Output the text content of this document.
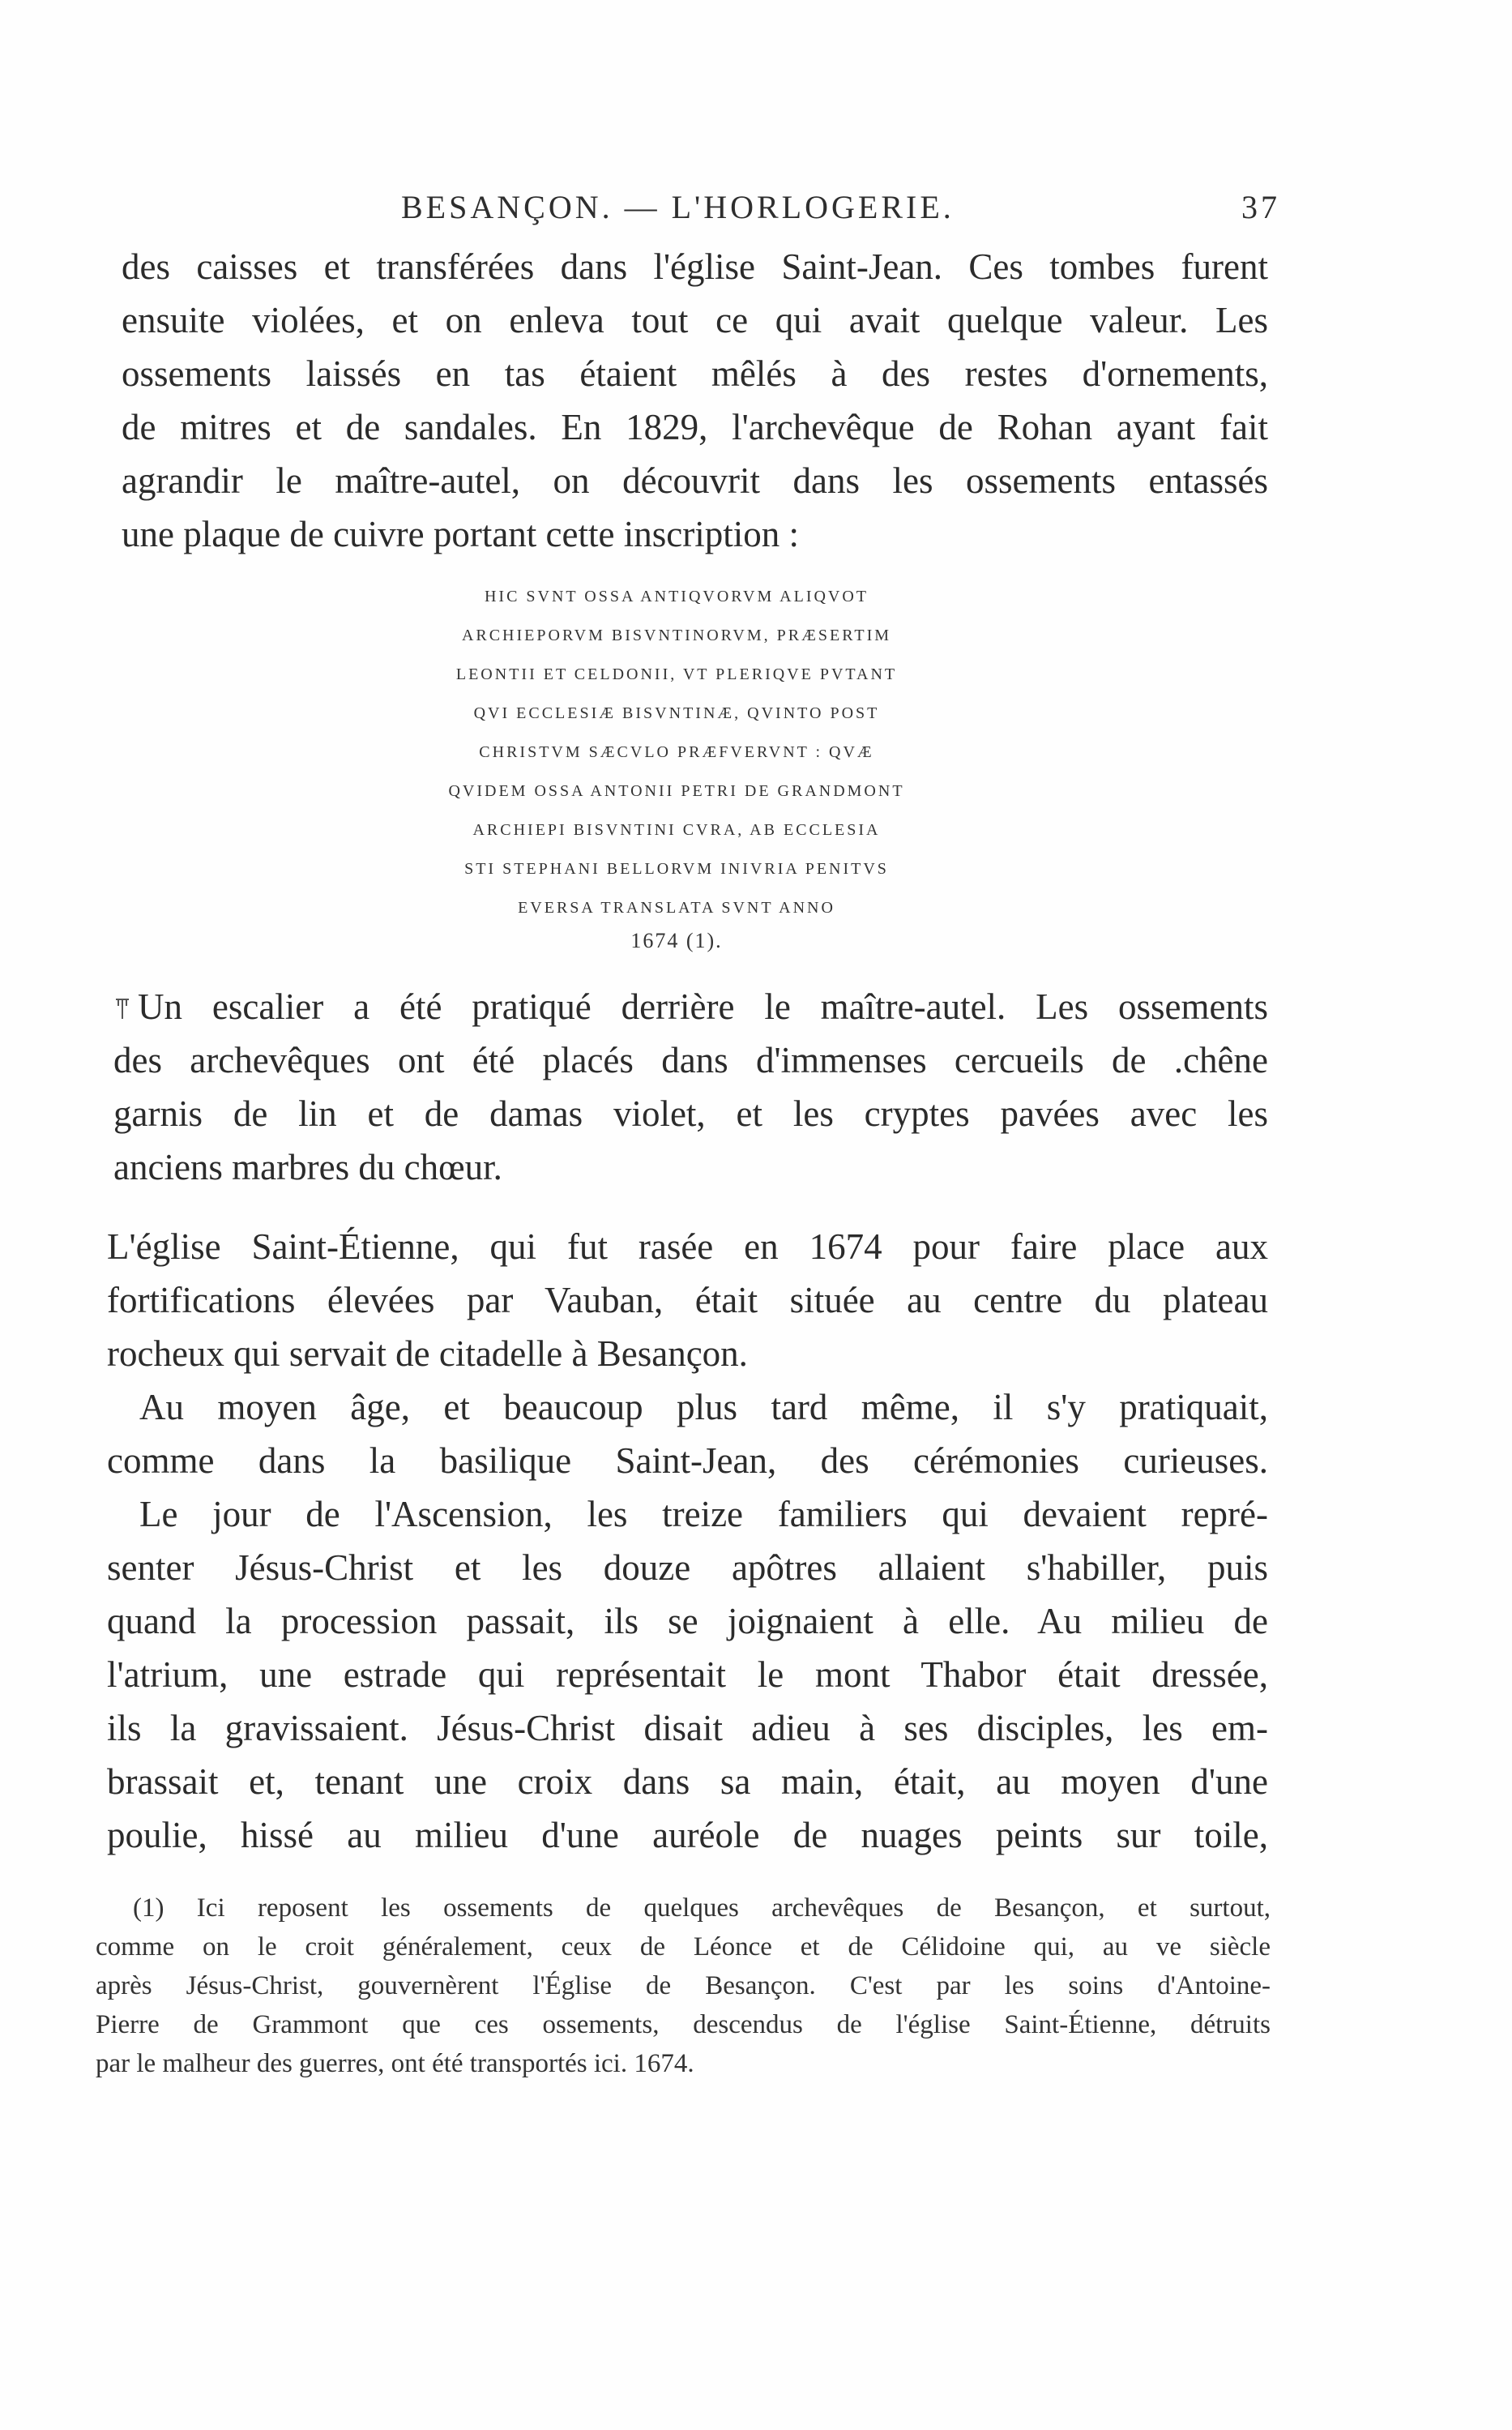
BESANÇON. — L'HORLOGERIE.	37
des caisses et transférées dans l'église Saint-Jean. Ces tombes furent
ensuite violées, et on enleva tout ce qui avait quelque valeur. Les
ossements laissés en tas étaient mêlés à des restes d'ornements,
de mitres et de sandales. En 1829, l'archevêque de Rohan ayant fait
agrandir le maître-autel, on découvrit dans les ossements entassés
une plaque de cuivre portant cette inscription :
HIC SVNT OSSA ANTIQVORVM ALIQVOT
ARCHIEPORVM BISVNTINORVM, PRÆSERTIM
LEONTII ET CELDONII, VT PLERIQVE PVTANT
QVI ECCLESIÆ BISVNTINÆ, QVINTO POST
CHRISTVM SÆCVLO PRÆFVERVNT : QVÆ
QVIDEM OSSA ANTONII PETRI DE GRANDMONT
ARCHIEPI BISVNTINI CVRA, AB ECCLESIA
STI STEPHANI BELLORVM INIVRIA PENITVS
EVERSA TRANSLATA SVNT ANNO
1674 (1).
Un escalier a été pratiqué derrière le maître-autel. Les ossements
des archevêques ont été placés dans d'immenses cercueils de .chêne
garnis de lin et de damas violet, et les cryptes pavées avec les
anciens marbres du chœur.
L'église Saint-Étienne, qui fut rasée en 1674 pour faire place aux
fortifications élevées par Vauban, était située au centre du plateau
rocheux qui servait de citadelle à Besançon.
Au moyen âge, et beaucoup plus tard même, il s'y pratiquait,
comme dans la basilique Saint-Jean, des cérémonies curieuses.
Le jour de l'Ascension, les treize familiers qui devaient repré-
senter Jésus-Christ et les douze apôtres allaient s'habiller, puis
quand la procession passait, ils se joignaient à elle. Au milieu de
l'atrium, une estrade qui représentait le mont Thabor était dressée,
ils la gravissaient. Jésus-Christ disait adieu à ses disciples, les em-
brassait et, tenant une croix dans sa main, était, au moyen d'une
poulie, hissé au milieu d'une auréole de nuages peints sur toile,
(1) Ici reposent les ossements de quelques archevêques de Besançon, et surtout,
comme on le croit généralement, ceux de Léonce et de Célidoine qui, au ve siècle
après Jésus-Christ, gouvernèrent l'Église de Besançon. C'est par les soins d'Antoine-
Pierre de Grammont que ces ossements, descendus de l'église Saint-Étienne, détruits
par le malheur des guerres, ont été transportés ici. 1674.
